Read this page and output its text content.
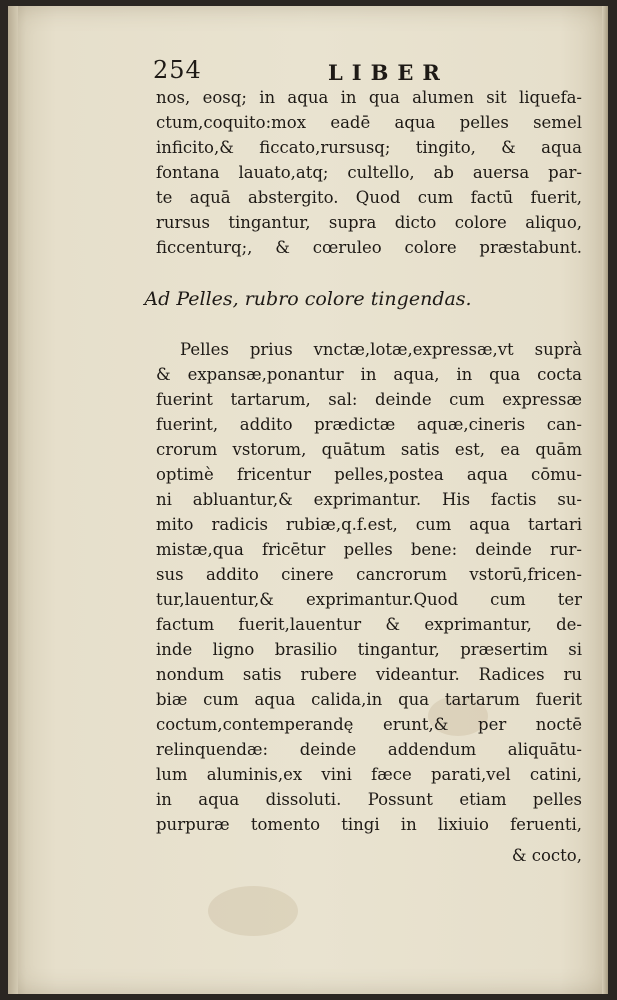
254	LIBER
nos, eosq; in aqua in qua alumen sit liquefa-
ctum,coquito:mox eadē aqua pelles semel
inficito,& ficcato,rursusq; tingito, & aqua
fontana lauato,atq; cultello, ab auersa par-
te aquā abstergito. Quod cum factū fuerit,
rursus tingantur, supra dicto colore aliquo,
ficcenturq;, & cœruleo colore præstabunt.
Ad Pelles, rubro colore tingendas.
Pelles prius vnctæ,lotæ,expressæ,vt suprà
& expansæ,ponantur in aqua, in qua cocta
fuerint tartarum, sal: deinde cum expressæ
fuerint, addito prædictæ aquæ,cineris can-
crorum vstorum, quātum satis est, ea quām
optimè fricentur pelles,postea aqua cōmu-
ni abluantur,& exprimantur. His factis su-
mito radicis rubiæ,q.f.est, cum aqua tartari
mistæ,qua fricētur pelles bene: deinde rur-
sus addito cinere cancrorum vstorū,fricen-
tur,lauentur,& exprimantur.Quod cum ter
factum fuerit,lauentur & exprimantur, de-
inde ligno brasilio tingantur, præsertim si
nondum satis rubere videantur. Radices ru
biæ cum aqua calida,in qua tartarum fuerit
coctum,contemperandę erunt,& per noctē
relinquendæ: deinde addendum aliquātu-
lum aluminis,ex vini fæce parati,vel catini,
in aqua dissoluti. Possunt etiam pelles
purpuræ tomento tingi in lixiuio feruenti,
& cocto,
